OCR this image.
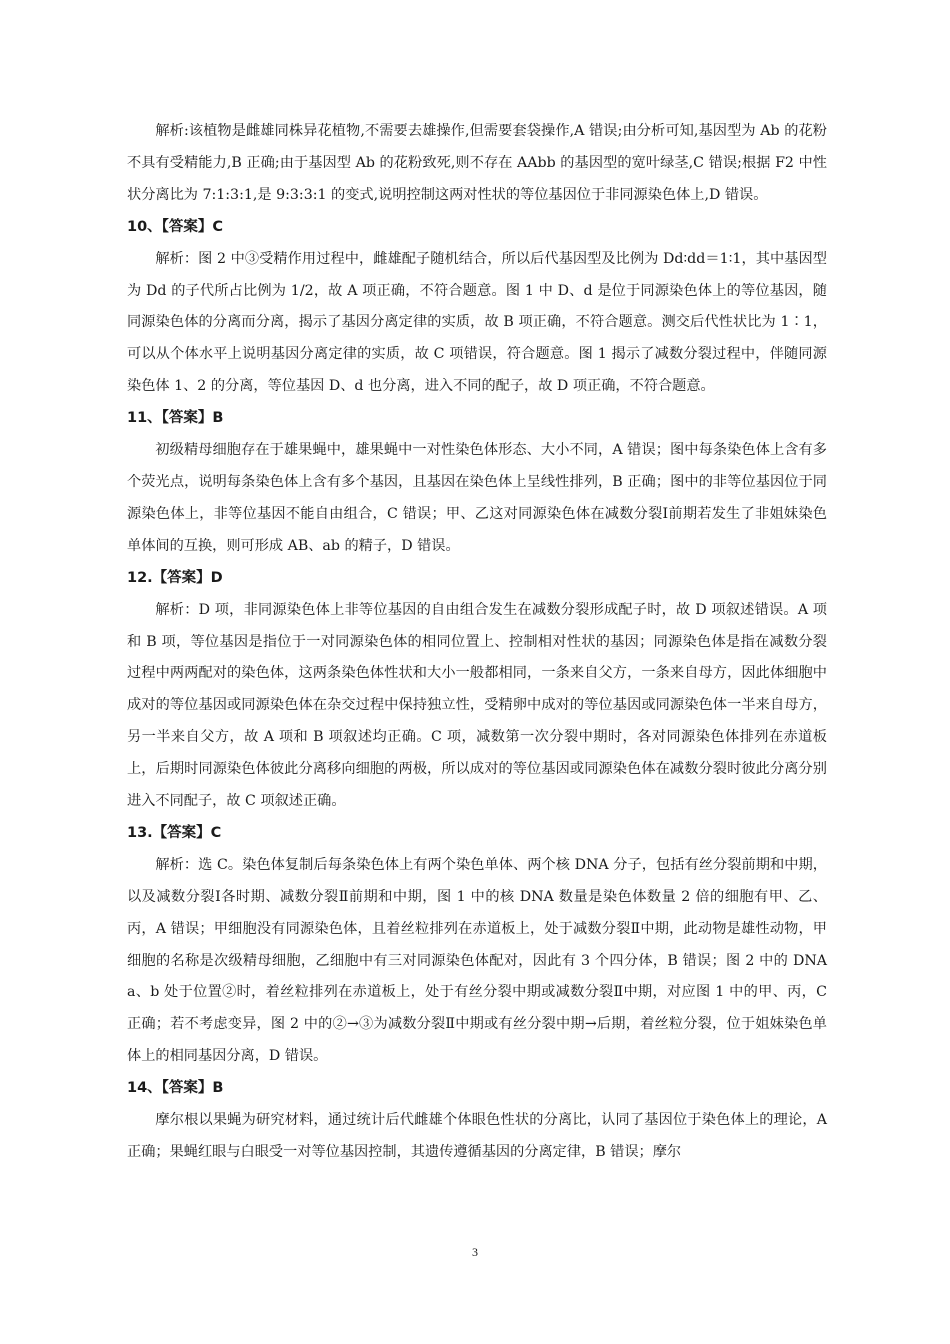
解析:该植物是雌雄同株异花植物,不需要去雄操作,但需要套袋操作,A 错误;由分析可知,基因型为 Ab 的花粉不具有受精能力,B 正确;由于基因型 Ab 的花粉致死,则不存在 AAbb 的基因型的宽叶绿茎,C 错误;根据 F2 中性状分离比为 7:1:3:1,是 9:3:3:1 的变式,说明控制这两对性状的等位基因位于非同源染色体上,D 错误。

10、【答案】C

解析：图 2 中③受精作用过程中，雌雄配子随机结合，所以后代基因型及比例为 Dd∶dd＝1∶1，其中基因型为 Dd 的子代所占比例为 1/2，故 A 项正确，不符合题意。图 1 中 D、d 是位于同源染色体上的等位基因，随同源染色体的分离而分离，揭示了基因分离定律的实质，故 B 项正确，不符合题意。测交后代性状比为 1∶1，可以从个体水平上说明基因分离定律的实质，故 C 项错误，符合题意。图 1 揭示了减数分裂过程中，伴随同源染色体 1、2 的分离，等位基因 D、d 也分离，进入不同的配子，故 D 项正确，不符合题意。

11、【答案】B

初级精母细胞存在于雄果蝇中，雄果蝇中一对性染色体形态、大小不同，A 错误；图中每条染色体上含有多个荧光点，说明每条染色体上含有多个基因，且基因在染色体上呈线性排列，B 正确；图中的非等位基因位于同源染色体上，非等位基因不能自由组合，C 错误；甲、乙这对同源染色体在减数分裂Ⅰ前期若发生了非姐妹染色单体间的互换，则可形成 AB、ab 的精子，D 错误。

12.【答案】D

解析：D 项，非同源染色体上非等位基因的自由组合发生在减数分裂形成配子时，故 D 项叙述错误。A 项和 B 项，等位基因是指位于一对同源染色体的相同位置上、控制相对性状的基因；同源染色体是指在减数分裂过程中两两配对的染色体，这两条染色体性状和大小一般都相同，一条来自父方，一条来自母方，因此体细胞中成对的等位基因或同源染色体在杂交过程中保持独立性，受精卵中成对的等位基因或同源染色体一半来自母方，另一半来自父方，故 A 项和 B 项叙述均正确。C 项，减数第一次分裂中期时，各对同源染色体排列在赤道板上，后期时同源染色体彼此分离移向细胞的两极，所以成对的等位基因或同源染色体在减数分裂时彼此分离分别进入不同配子，故 C 项叙述正确。

13.【答案】C

解析：选 C。染色体复制后每条染色体上有两个染色单体、两个核 DNA 分子，包括有丝分裂前期和中期，以及减数分裂Ⅰ各时期、减数分裂Ⅱ前期和中期，图 1 中的核 DNA 数量是染色体数量 2 倍的细胞有甲、乙、丙，A 错误；甲细胞没有同源染色体，且着丝粒排列在赤道板上，处于减数分裂Ⅱ中期，此动物是雄性动物，甲细胞的名称是次级精母细胞，乙细胞中有三对同源染色体配对，因此有 3 个四分体，B 错误；图 2 中的 DNA a、b 处于位置②时，着丝粒排列在赤道板上，处于有丝分裂中期或减数分裂Ⅱ中期，对应图 1 中的甲、丙，C 正确；若不考虑变异，图 2 中的②→③为减数分裂Ⅱ中期或有丝分裂中期→后期，着丝粒分裂，位于姐妹染色单体上的相同基因分离，D 错误。

14、【答案】B

摩尔根以果蝇为研究材料，通过统计后代雌雄个体眼色性状的分离比，认同了基因位于染色体上的理论，A 正确；果蝇红眼与白眼受一对等位基因控制，其遗传遵循基因的分离定律，B 错误；摩尔

3
